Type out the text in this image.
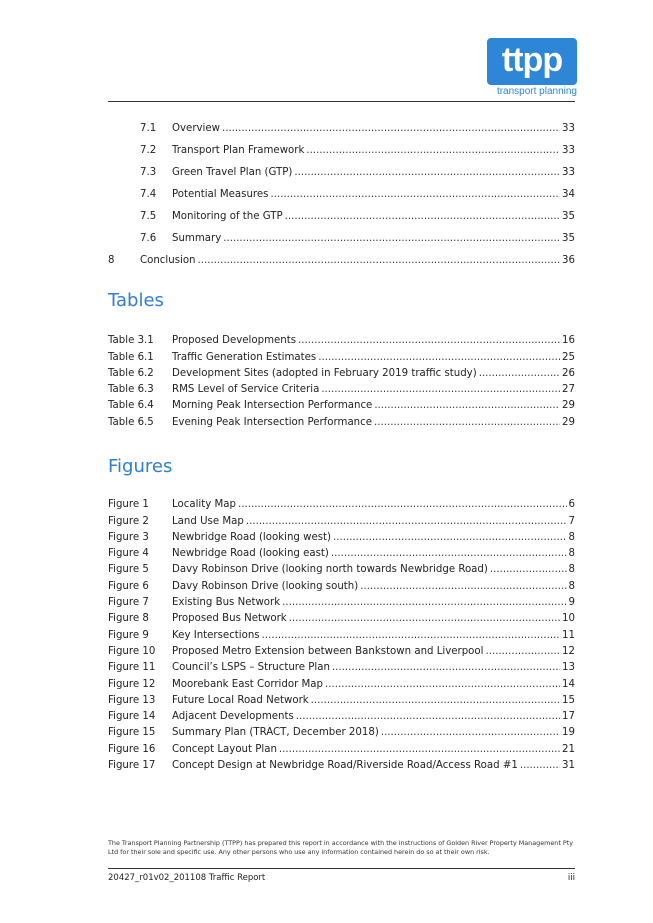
ttpp
transport planning
7.1	Overview .....	33
7.2	Transport Plan Framework .....	33
7.3	Green Travel Plan (GTP) .....	33
7.4	Potential Measures .....	34
7.5	Monitoring of the GTP .....	35
7.6	Summary .....	35
8	Conclusion .....	36
Tables
Table 3.1	Proposed Developments .....	16
Table 6.1	Traffic Generation Estimates .....	25
Table 6.2	Development Sites (adopted in February 2019 traffic study) .....	26
Table 6.3	RMS Level of Service Criteria .....	27
Table 6.4	Morning Peak Intersection Performance .....	29
Table 6.5	Evening Peak Intersection Performance .....	29
Figures
Figure 1	Locality Map .....	6
Figure 2	Land Use Map .....	7
Figure 3	Newbridge Road (looking west) .....	8
Figure 4	Newbridge Road (looking east) .....	8
Figure 5	Davy Robinson Drive (looking north towards Newbridge Road) .....	8
Figure 6	Davy Robinson Drive (looking south) .....	8
Figure 7	Existing Bus Network .....	9
Figure 8	Proposed Bus Network .....	10
Figure 9	Key Intersections .....	11
Figure 10	Proposed Metro Extension between Bankstown and Liverpool .....	12
Figure 11	Council’s LSPS – Structure Plan .....	13
Figure 12	Moorebank East Corridor Map .....	14
Figure 13	Future Local Road Network .....	15
Figure 14	Adjacent Developments .....	17
Figure 15	Summary Plan (TRACT, December 2018) .....	19
Figure 16	Concept Layout Plan .....	21
Figure 17	Concept Design at Newbridge Road/Riverside Road/Access Road #1 .....	31
The Transport Planning Partnership (TTPP) has prepared this report in accordance with the instructions of Golden River Property Management Pty Ltd for their sole and specific use. Any other persons who use any information contained herein do so at their own risk.
20427_r01v02_201108 Traffic Report	iii
